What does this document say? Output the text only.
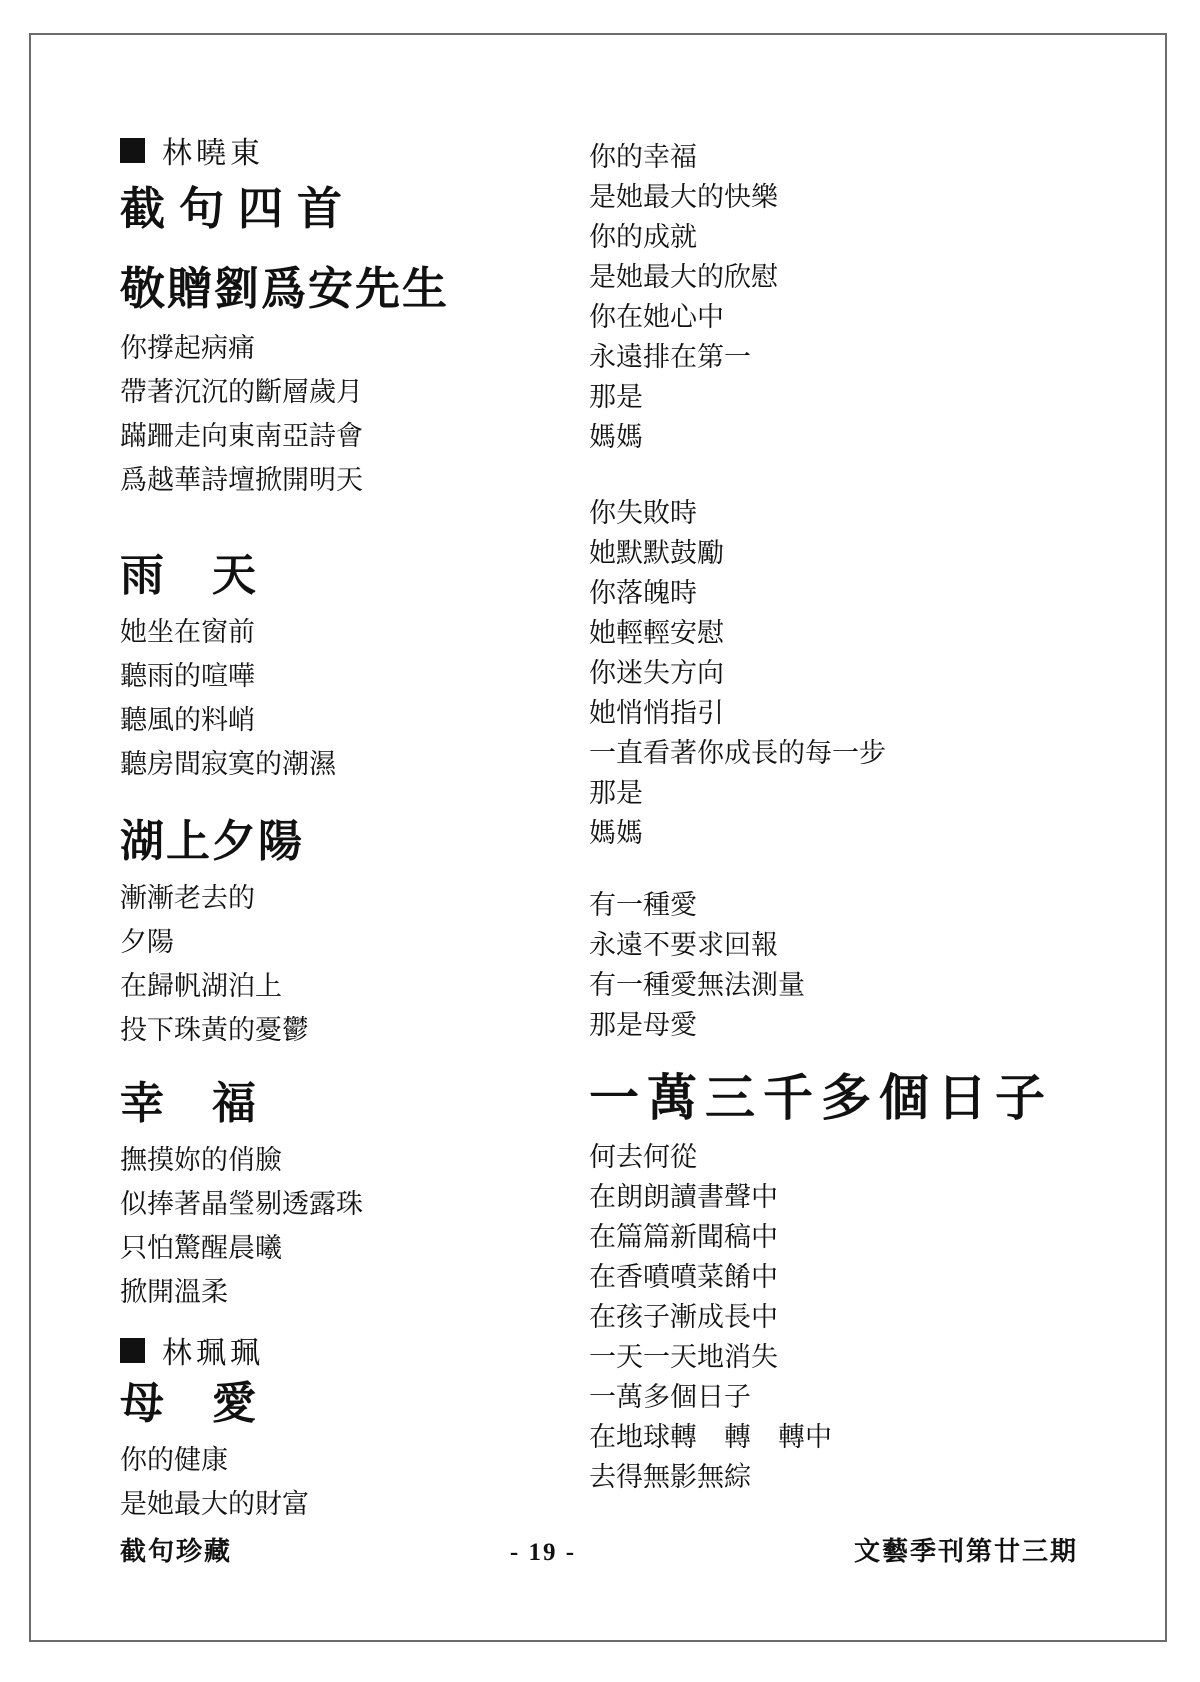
林曉東
截句四首
敬贈劉爲安先生
你撐起病痛
帶著沉沉的斷層歲月
蹣跚走向東南亞詩會
爲越華詩壇掀開明天
雨　天
她坐在窗前
聽雨的喧嘩
聽風的料峭
聽房間寂寞的潮濕
湖上夕陽
漸漸老去的
夕陽
在歸帆湖泊上
投下珠黃的憂鬱
幸　福
撫摸妳的俏臉
似捧著晶瑩剔透露珠
只怕驚醒晨曦
掀開溫柔
林珮珮
母　愛
你的健康
是她最大的財富
你的幸福
是她最大的快樂
你的成就
是她最大的欣慰
你在她心中
永遠排在第一
那是
媽媽
你失敗時
她默默鼓勵
你落魄時
她輕輕安慰
你迷失方向
她悄悄指引
一直看著你成長的每一步
那是
媽媽
有一種愛
永遠不要求回報
有一種愛無法測量
那是母愛
一萬三千多個日子
何去何從
在朗朗讀書聲中
在篇篇新聞稿中
在香噴噴菜餚中
在孩子漸成長中
一天一天地消失
一萬多個日子
在地球轉　轉　轉中
去得無影無綜
截句珍藏	- 19 -	文藝季刊第廿三期
